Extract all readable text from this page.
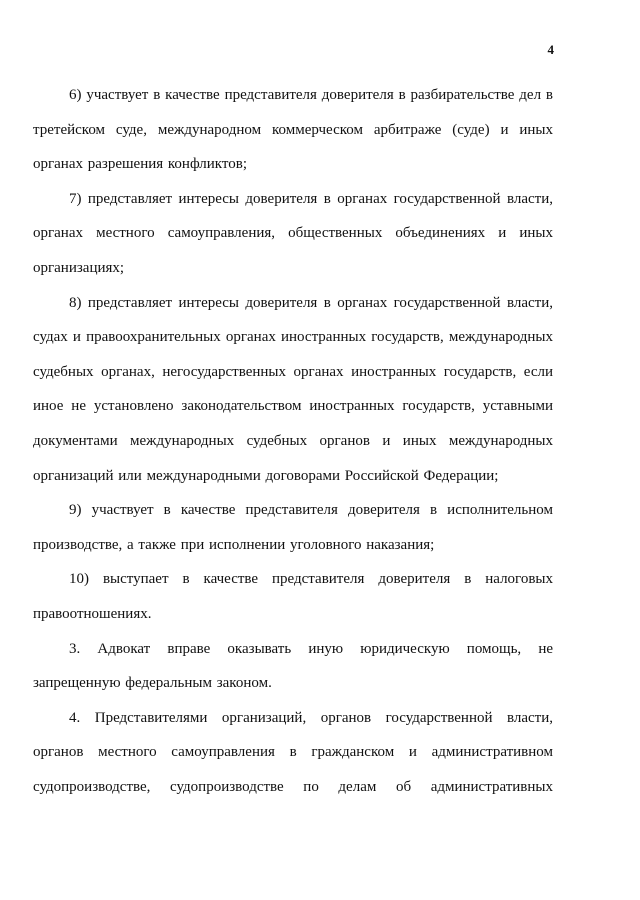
4

6) участвует в качестве представителя доверителя в разбирательстве дел в третейском суде, международном коммерческом арбитраже (суде) и иных органах разрешения конфликтов;

7) представляет интересы доверителя в органах государственной власти, органах местного самоуправления, общественных объединениях и иных организациях;

8) представляет интересы доверителя в органах государственной власти, судах и правоохранительных органах иностранных государств, международных судебных органах, негосударственных органах иностранных государств, если иное не установлено законодательством иностранных государств, уставными документами международных судебных органов и иных международных организаций или международными договорами Российской Федерации;

9) участвует в качестве представителя доверителя в исполнительном производстве, а также при исполнении уголовного наказания;

10) выступает в качестве представителя доверителя в налоговых правоотношениях.

3. Адвокат вправе оказывать иную юридическую помощь, не запрещенную федеральным законом.

4. Представителями организаций, органов государственной власти, органов местного самоуправления в гражданском и административном судопроизводстве, судопроизводстве по делам об административных
